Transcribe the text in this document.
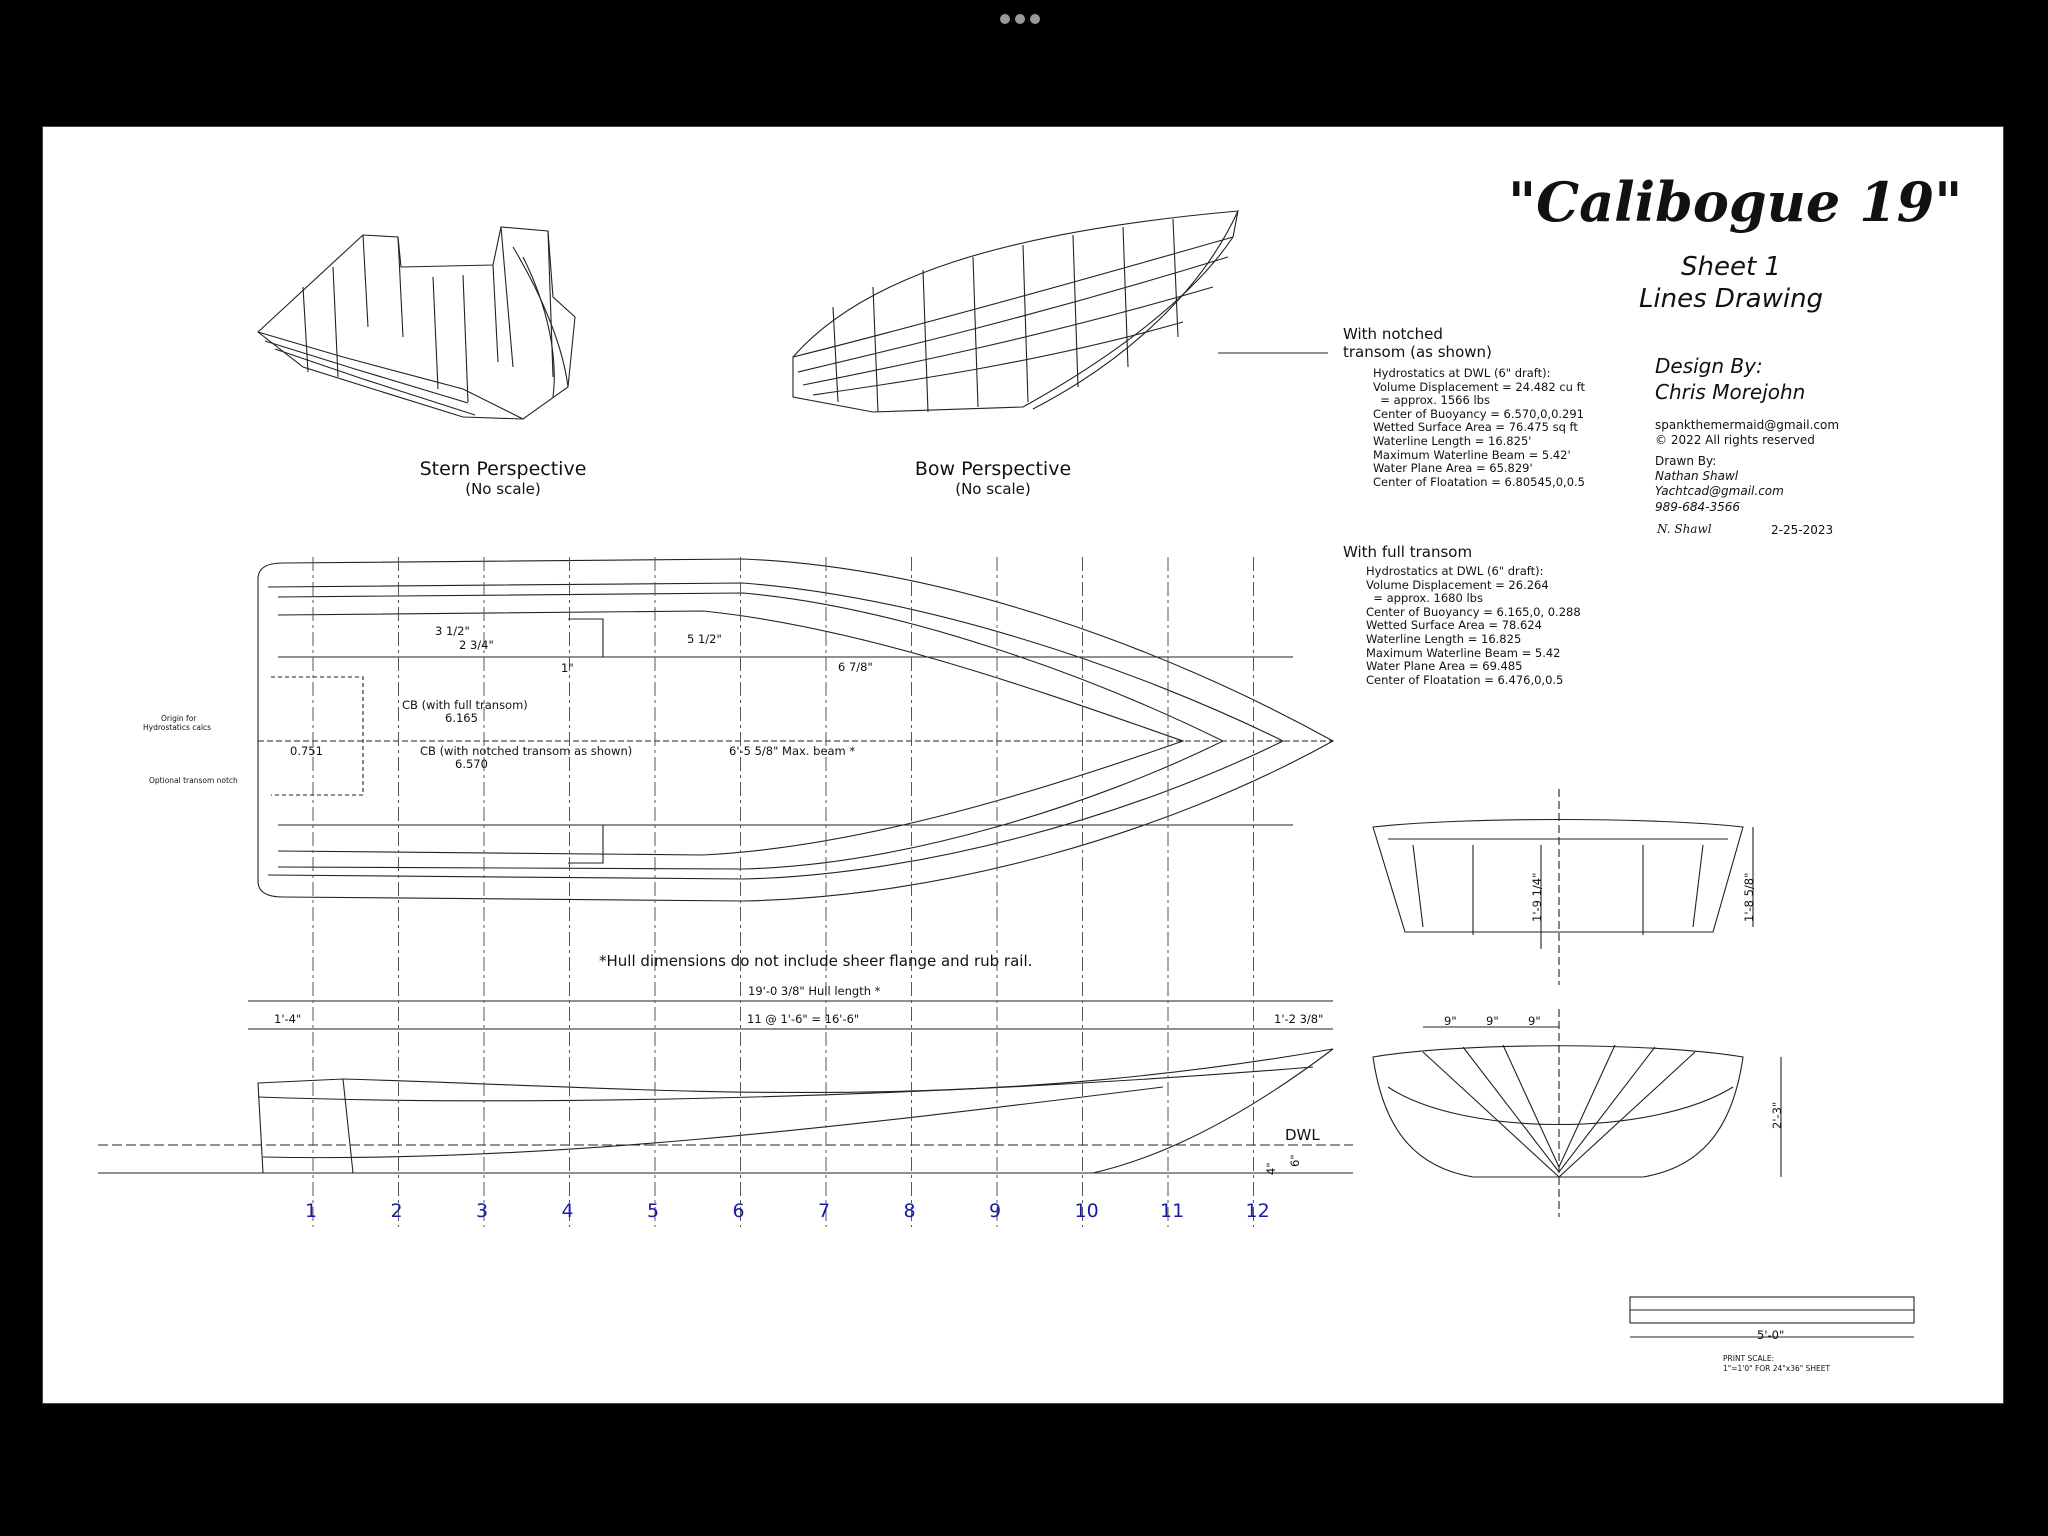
"Calibogue 19"
Sheet 1
Lines Drawing
Design By:
Chris Morejohn
spankthemermaid@gmail.com
© 2022 All rights reserved
Drawn By:
Nathan Shawl
Yachtcad@gmail.com
989-684-3566
N. Shawl	2-25-2023
Stern Perspective
(No scale)
Bow Perspective
(No scale)
With notched
transom (as shown)
Hydrostatics at DWL (6" draft):
Volume Displacement = 24.482 cu ft
= approx. 1566 lbs
Center of Buoyancy = 6.570,0,0.291
Wetted Surface Area = 76.475 sq ft
Waterline Length = 16.825'
Maximum Waterline Beam = 5.42'
Water Plane Area = 65.829'
Center of Floatation = 6.80545,0,0.5
With full transom
Hydrostatics at DWL (6" draft):
Volume Displacement = 26.264
= approx. 1680 lbs
Center of Buoyancy = 6.165,0, 0.288
Wetted Surface Area = 78.624
Waterline Length = 16.825
Maximum Waterline Beam = 5.42
Water Plane Area = 69.485
Center of Floatation = 6.476,0,0.5
3 1/2"
2 3/4"	5 1/2"
1"	6 7/8"
CB (with full transom)
6.165
CB (with notched transom as shown)
6.570
6'-5 5/8" Max. beam *
Origin for
Hydrostatics calcs
0.751
Optional transom notch
*Hull dimensions do not include sheer flange and rub rail.
19'-0 3/8" Hull length *
1'-4"	11 @ 1'-6" = 16'-6"	1'-2 3/8"
DWL
4"
6"
1	2	3	4	5	6	7	8	9	10	11	12
1'-9 1/4"	1'-8 5/8"
9"	9"	9"
2'-3"
5'-0"
PRINT SCALE:
1"=1'0" FOR 24"x36" SHEET
